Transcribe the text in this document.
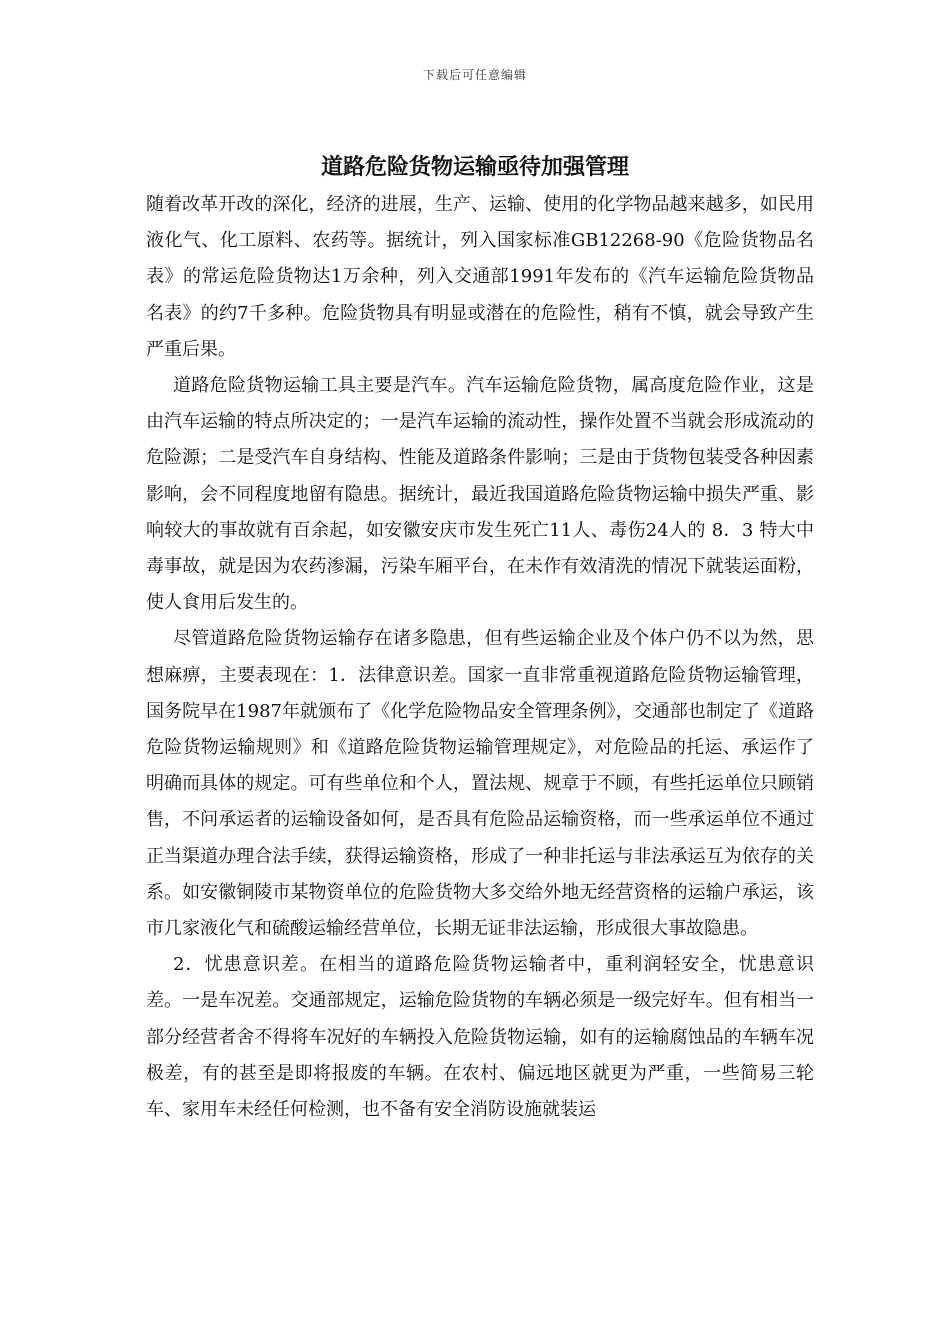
下载后可任意编辑
道路危险货物运输亟待加强管理

随着改革开改的深化，经济的进展，生产、运输、使用的化学物品越来越多，如民用液化气、化工原料、农药等。据统计，列入国家标准GB12268-90《危险货物品名表》的常运危险货物达1万余种，列入交通部1991年发布的《汽车运输危险货物品名表》的约7千多种。危险货物具有明显或潜在的危险性，稍有不慎，就会导致产生严重后果。

道路危险货物运输工具主要是汽车。汽车运输危险货物，属高度危险作业，这是由汽车运输的特点所决定的；一是汽车运输的流动性，操作处置不当就会形成流动的危险源；二是受汽车自身结构、性能及道路条件影响；三是由于货物包装受各种因素影响，会不同程度地留有隐患。据统计，最近我国道路危险货物运输中损失严重、影响较大的事故就有百余起，如安徽安庆市发生死亡11人、毒伤24人的 8．3 特大中毒事故，就是因为农药渗漏，污染车厢平台，在未作有效清洗的情况下就装运面粉，使人食用后发生的。

尽管道路危险货物运输存在诸多隐患，但有些运输企业及个体户仍不以为然，思想麻痹，主要表现在：1．法律意识差。国家一直非常重视道路危险货物运输管理，国务院早在1987年就颁布了《化学危险物品安全管理条例》，交通部也制定了《道路危险货物运输规则》和《道路危险货物运输管理规定》，对危险品的托运、承运作了明确而具体的规定。可有些单位和个人，置法规、规章于不顾，有些托运单位只顾销售，不问承运者的运输设备如何，是否具有危险品运输资格，而一些承运单位不通过正当渠道办理合法手续，获得运输资格，形成了一种非托运与非法承运互为依存的关系。如安徽铜陵市某物资单位的危险货物大多交给外地无经营资格的运输户承运，该市几家液化气和硫酸运输经营单位，长期无证非法运输，形成很大事故隐患。

2．忧患意识差。在相当的道路危险货物运输者中，重利润轻安全，忧患意识差。一是车况差。交通部规定，运输危险货物的车辆必须是一级完好车。但有相当一部分经营者舍不得将车况好的车辆投入危险货物运输，如有的运输腐蚀品的车辆车况极差，有的甚至是即将报废的车辆。在农村、偏远地区就更为严重，一些简易三轮车、家用车未经任何检测，也不备有安全消防设施就装运
